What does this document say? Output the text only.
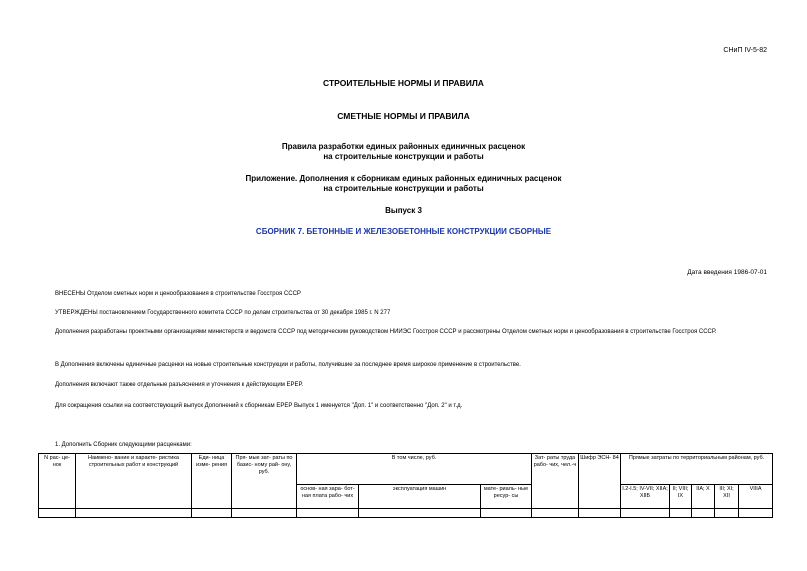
СНиП IV-5-82
СТРОИТЕЛЬНЫЕ НОРМЫ И ПРАВИЛА
СМЕТНЫЕ НОРМЫ И ПРАВИЛА
Правила разработки единых районных единичных расценок
на строительные конструкции и работы
Приложение. Дополнения к сборникам единых районных единичных расценок
на строительные конструкции и работы
Выпуск 3
СБОРНИК 7. БЕТОННЫЕ И ЖЕЛЕЗОБЕТОННЫЕ КОНСТРУКЦИИ СБОРНЫЕ
Дата введения 1986-07-01
ВНЕСЕНЫ Отделом сметных норм и ценообразования в строительстве Госстроя СССР
УТВЕРЖДЕНЫ постановлением Государственного комитета СССР по делам строительства от 30 декабря 1985 г. N 277
Дополнения разработаны проектными организациями министерств и ведомств СССР под методическим руководством НИИЭС Госстроя СССР и рассмотрены Отделом сметных норм и ценообразования в строительстве Госстроя СССР.
В Дополнения включены единичные расценки на новые строительные конструкции и работы, получившие за последнее время широкое применение в строительстве.
Дополнения включают также отдельные разъяснения и уточнения к действующим ЕРЕР.
Для сокращения ссылки на соответствующий выпуск Дополнений к сборникам ЕРЕР Выпуск 1 именуется "Доп. 1" и соответственно "Доп. 2" и т.д.
1. Дополнить Сборник следующими расценками:
N рас- це- нок	Наимено- вание и характе- ристика строительных работ и конструкций	Еди- ница изме- рения	Пря- мые зат- раты по базис- ному рай- ону, руб.	В том числе, руб.			Зат- раты труда рабо- чих, чел.-ч	Шифр ЭСН- 84	Прямые затраты по территориальным районам, руб.				
				основ- ная зара- бот- ная плата рабо- чих	эксплуатация машин	мате- риаль- ные ресур- сы			I.2-I.5; IV-VII; XIIA; XIIБ	II; VIII; IX	IIA; X	III; XI; XII	VIIIA
